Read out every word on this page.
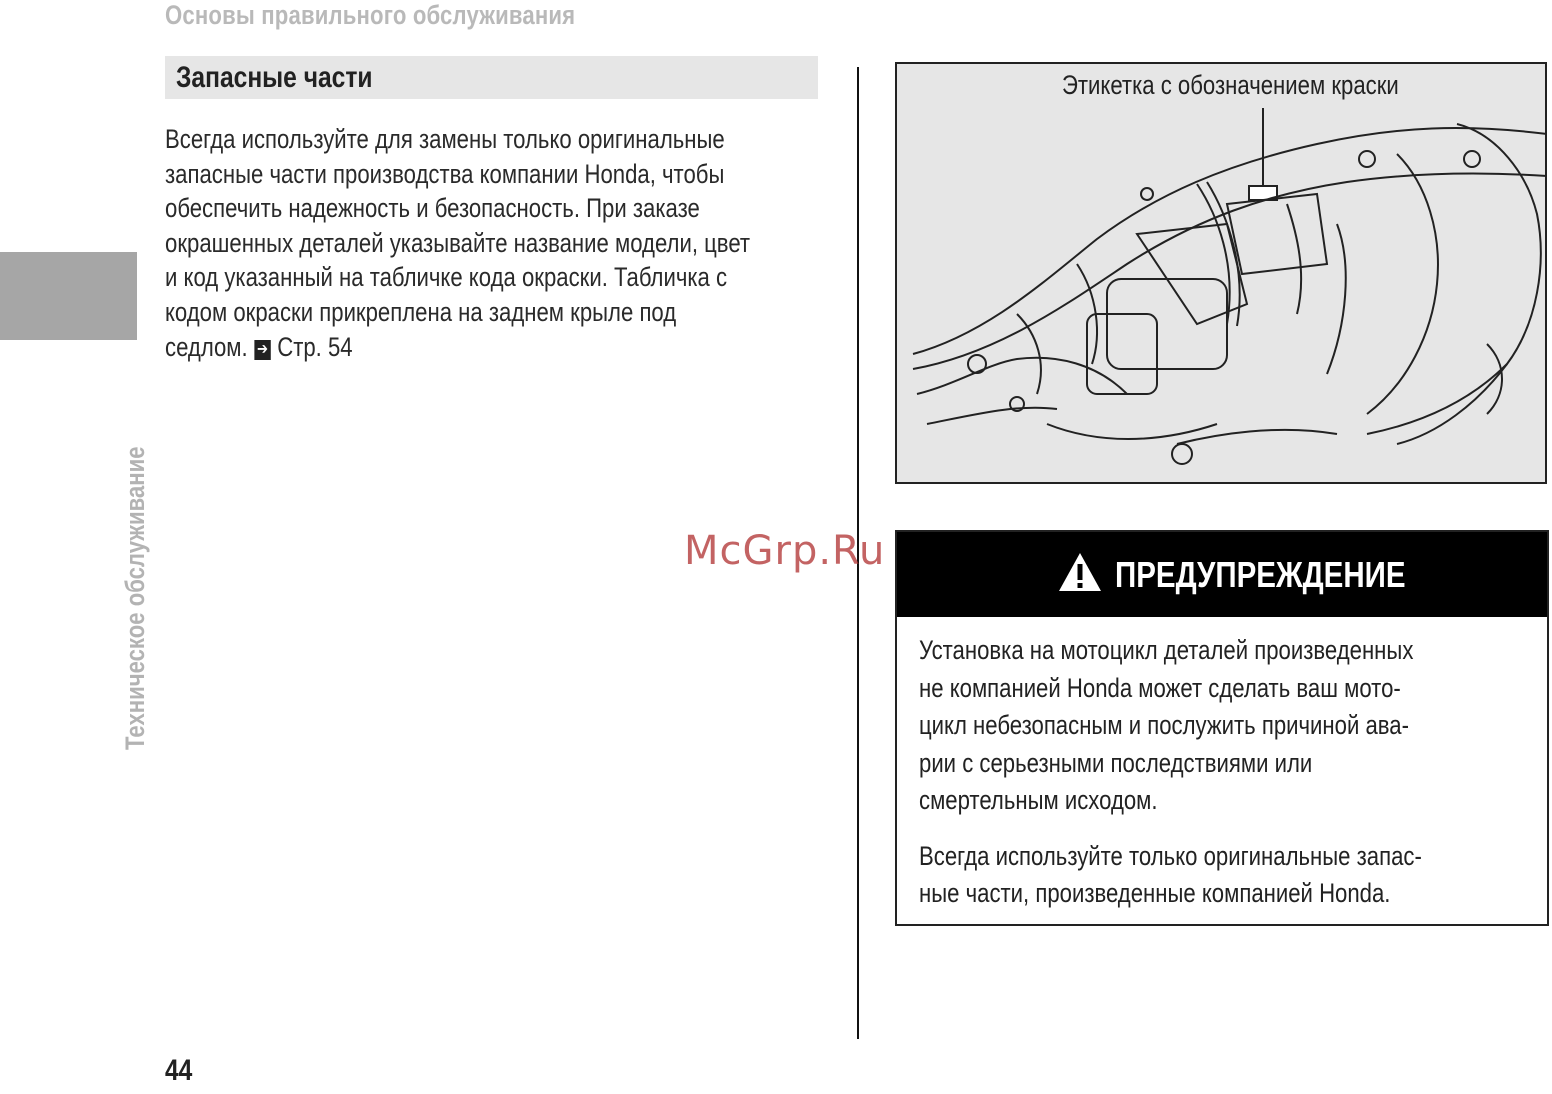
Основы правильного обслуживания
Техническое обслуживание
Запасные части

Всегда используйте для замены только оригинальные

запасные части производства компании Honda, чтобы

обеспечить надежность и безопасность. При заказе

окрашенных деталей указывайте название модели, цвет

и код указанный на табличке кода окраски. Табличка с

кодом окраски прикреплена на заднем крыле под

седлом. ➔ Стр. 54

Этикетка с обозначением краски
McGrp.Ru
ПРЕДУПРЕЖДЕНИЕ

Установка на мотоцикл деталей произведенных

не компанией Honda может сделать ваш мото-

цикл небезопасным и послужить причиной ава-

рии с серьезными последствиями или

смертельным исходом.

Всегда используйте только оригинальные запас-

ные части, произведенные компанией Honda.

44
